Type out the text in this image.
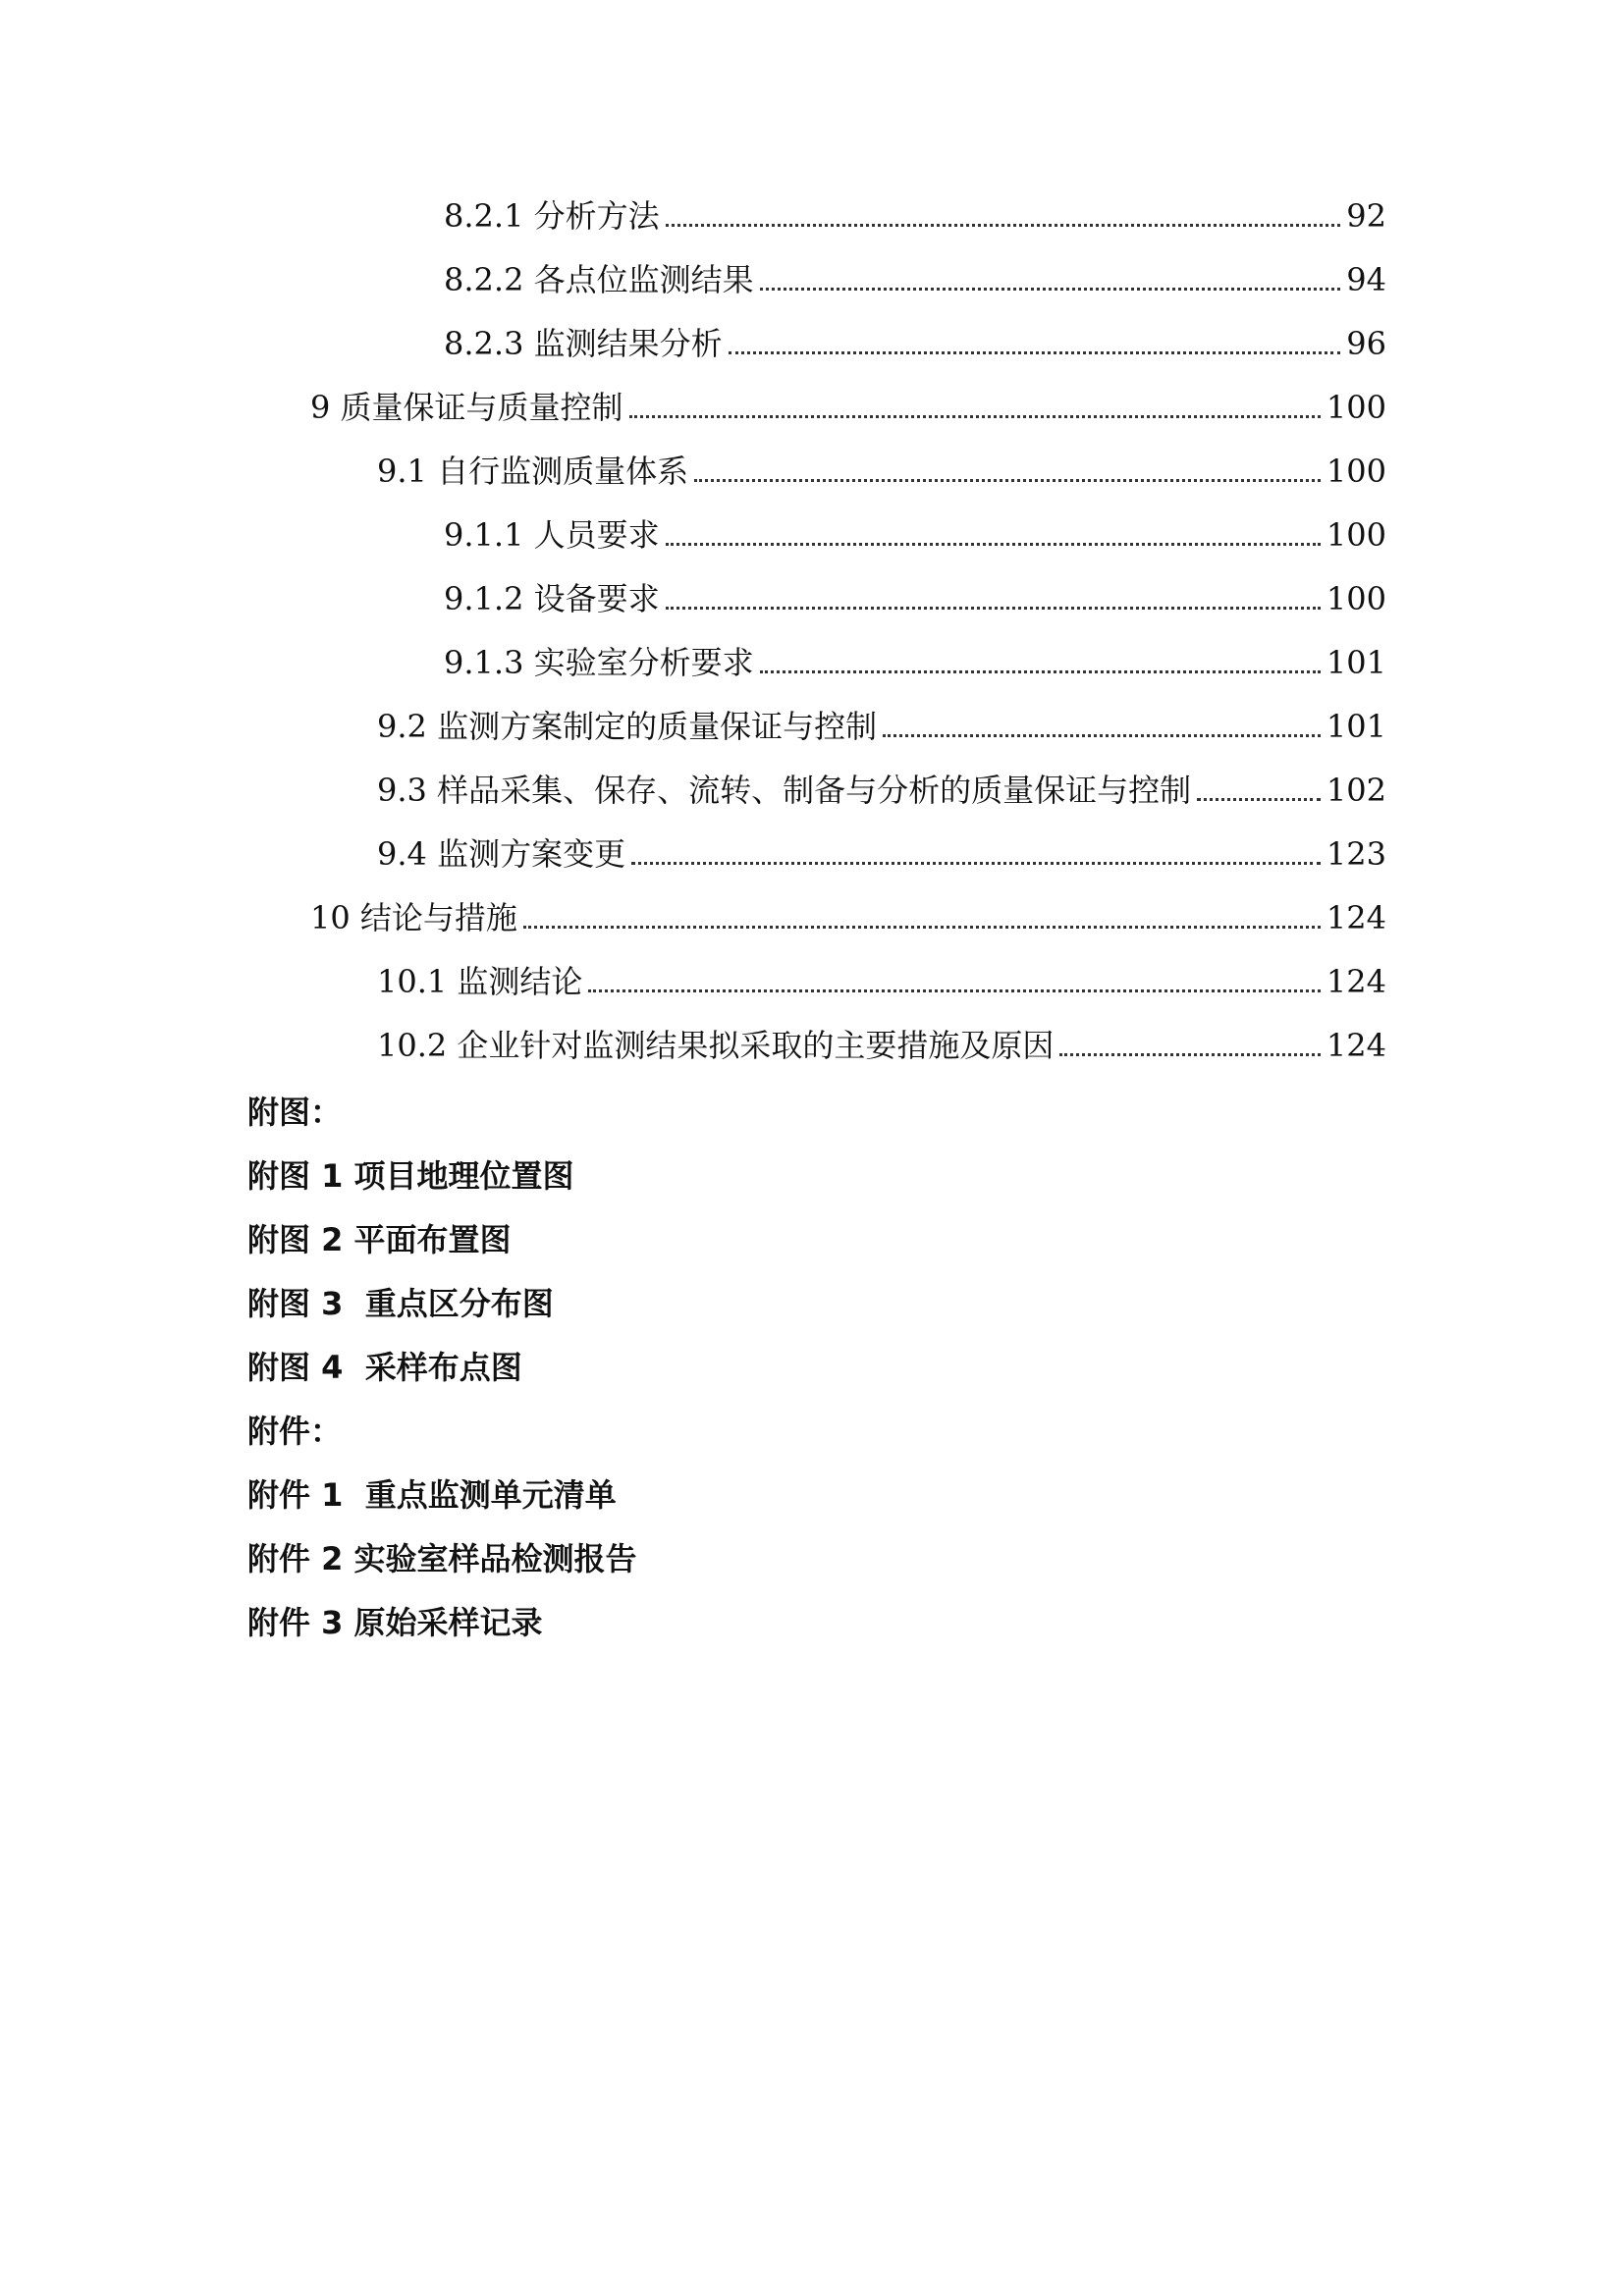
8.2.1 分析方法	92
8.2.2 各点位监测结果	94
8.2.3 监测结果分析	96
9 质量保证与质量控制	100
9.1 自行监测质量体系	100
9.1.1 人员要求	100
9.1.2 设备要求	100
9.1.3 实验室分析要求	101
9.2 监测方案制定的质量保证与控制	101
9.3 样品采集、保存、流转、制备与分析的质量保证与控制	102
9.4 监测方案变更	123
10 结论与措施	124
10.1 监测结论	124
10.2 企业针对监测结果拟采取的主要措施及原因	124
附图：
附图 1 项目地理位置图
附图 2 平面布置图
附图 3  重点区分布图
附图 4  采样布点图
附件：
附件 1  重点监测单元清单
附件 2 实验室样品检测报告
附件 3 原始采样记录
